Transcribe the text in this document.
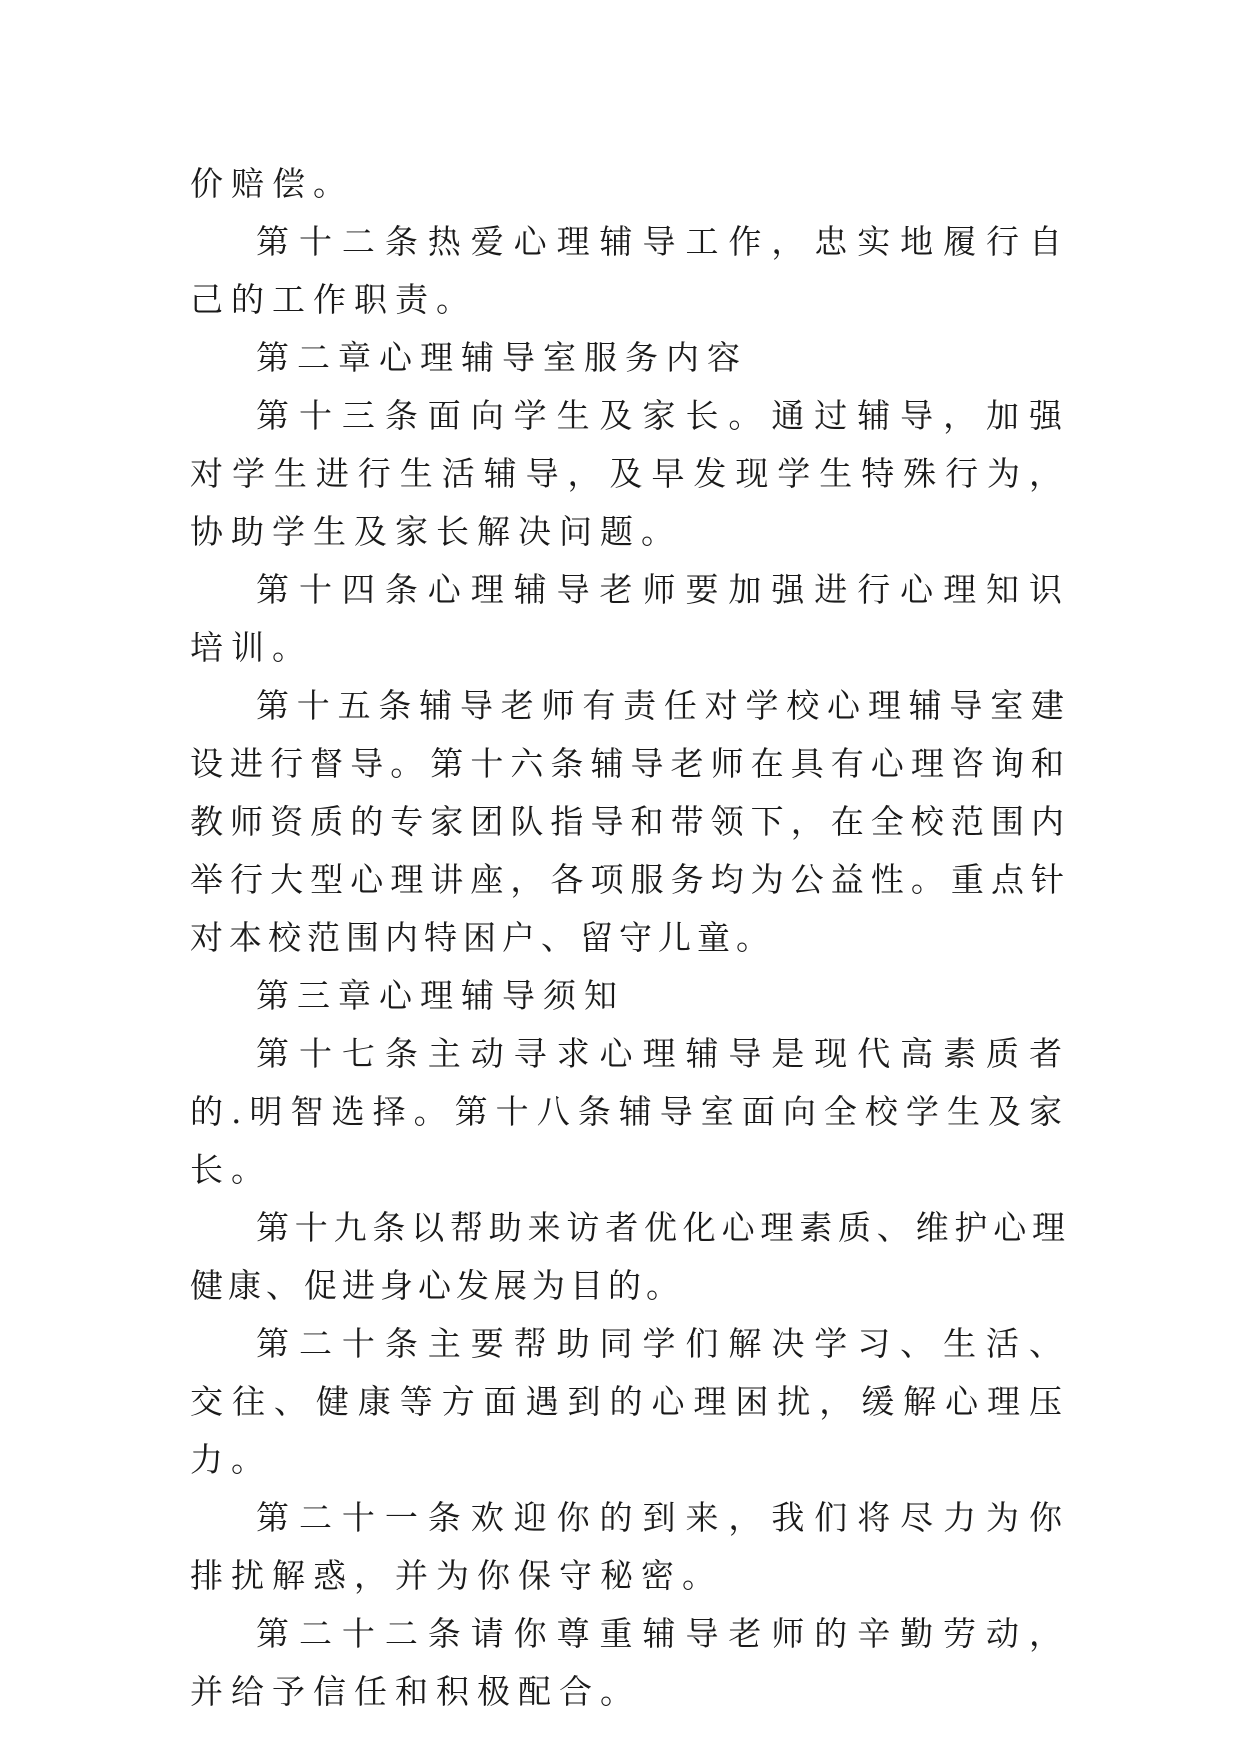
价赔偿。

第十二条热爱心理辅导工作，忠实地履行自己的工作职责。

第二章心理辅导室服务内容

第十三条面向学生及家长。通过辅导，加强对学生进行生活辅导，及早发现学生特殊行为，协助学生及家长解决问题。

第十四条心理辅导老师要加强进行心理知识培训。

第十五条辅导老师有责任对学校心理辅导室建设进行督导。第十六条辅导老师在具有心理咨询和教师资质的专家团队指导和带领下，在全校范围内举行大型心理讲座，各项服务均为公益性。重点针对本校范围内特困户、留守儿童。

第三章心理辅导须知

第十七条主动寻求心理辅导是现代高素质者的.明智选择。第十八条辅导室面向全校学生及家长。

第十九条以帮助来访者优化心理素质、维护心理健康、促进身心发展为目的。

第二十条主要帮助同学们解决学习、生活、交往、健康等方面遇到的心理困扰，缓解心理压力。

第二十一条欢迎你的到来，我们将尽力为你排扰解惑，并为你保守秘密。

第二十二条请你尊重辅导老师的辛勤劳动，并给予信任和积极配合。
